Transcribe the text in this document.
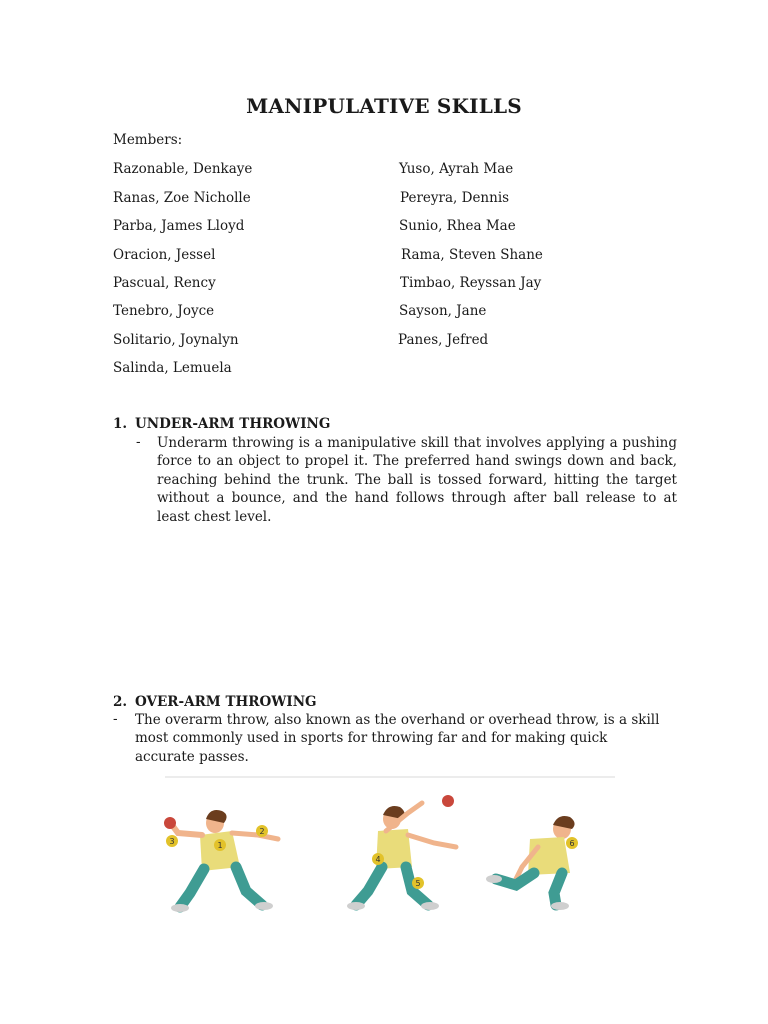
MANIPULATIVE SKILLS
Members:
Razonable, Denkaye
Ranas, Zoe Nicholle
Parba, James Lloyd
Oracion, Jessel
Pascual, Rency
Tenebro, Joyce
Solitario, Joynalyn
Salinda, Lemuela
Yuso, Ayrah Mae
Pereyra, Dennis
Sunio, Rhea Mae
Rama, Steven Shane
Timbao, Reyssan Jay
Sayson, Jane
Panes, Jefred
1. UNDER-ARM THROWING
- Underarm throwing is a manipulative skill that involves applying a pushing force to an object to propel it. The preferred hand swings down and back, reaching behind the trunk. The ball is tossed forward, hitting the target without a bounce, and the hand follows through after ball release to at least chest level.
2. OVER-ARM THROWING
- The overarm throw, also known as the overhand or overhead throw, is a skill most commonly used in sports for throwing far and for making quick accurate passes.
1
2
3
4
5
6
